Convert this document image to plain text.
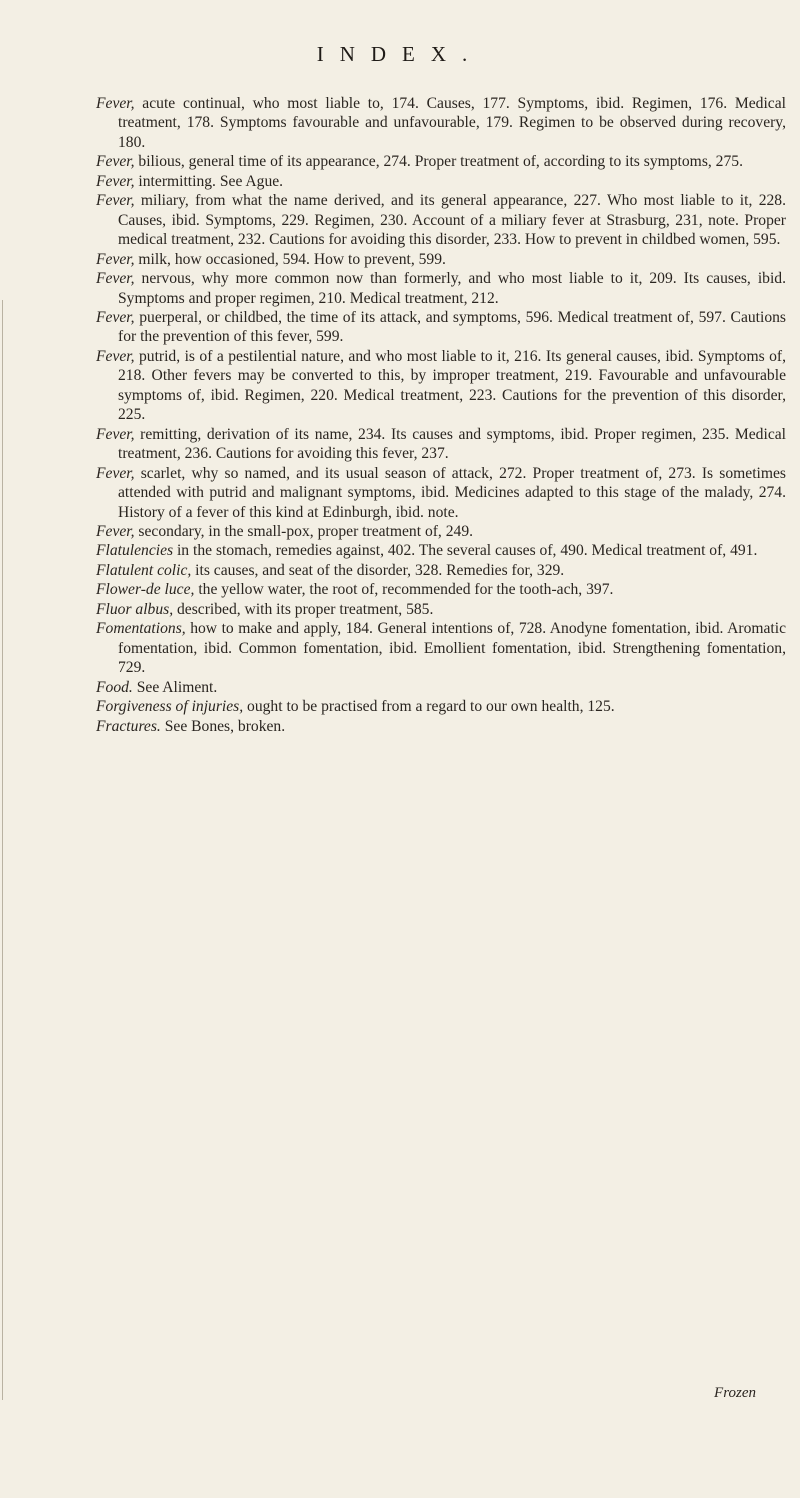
INDEX.

Fever, acute continual, who most liable to, 174. Causes, 177. Symptoms, ibid. Regimen, 176. Medical treatment, 178. Symptoms favourable and unfavourable, 179. Regimen to be observed during recovery, 180.

Fever, bilious, general time of its appearance, 274. Proper treatment of, according to its symptoms, 275.

Fever, intermitting. See Ague.

Fever, miliary, from what the name derived, and its general appearance, 227. Who most liable to it, 228. Causes, ibid. Symptoms, 229. Regimen, 230. Account of a miliary fever at Strasburg, 231, note. Proper medical treatment, 232. Cautions for avoiding this disorder, 233. How to prevent in childbed women, 595.

Fever, milk, how occasioned, 594. How to prevent, 599.

Fever, nervous, why more common now than formerly, and who most liable to it, 209. Its causes, ibid. Symptoms and proper regimen, 210. Medical treatment, 212.

Fever, puerperal, or childbed, the time of its attack, and symptoms, 596. Medical treatment of, 597. Cautions for the prevention of this fever, 599.

Fever, putrid, is of a pestilential nature, and who most liable to it, 216. Its general causes, ibid. Symptoms of, 218. Other fevers may be converted to this, by improper treatment, 219. Favourable and unfavourable symptoms of, ibid. Regimen, 220. Medical treatment, 223. Cautions for the prevention of this disorder, 225.

Fever, remitting, derivation of its name, 234. Its causes and symptoms, ibid. Proper regimen, 235. Medical treatment, 236. Cautions for avoiding this fever, 237.

Fever, scarlet, why so named, and its usual season of attack, 272. Proper treatment of, 273. Is sometimes attended with putrid and malignant symptoms, ibid. Medicines adapted to this stage of the malady, 274. History of a fever of this kind at Edinburgh, ibid. note.

Fever, secondary, in the small-pox, proper treatment of, 249.

Flatulencies in the stomach, remedies against, 402. The several causes of, 490. Medical treatment of, 491.

Flatulent colic, its causes, and seat of the disorder, 328. Remedies for, 329.

Flower-de luce, the yellow water, the root of, recommended for the tooth-ach, 397.

Fluor albus, described, with its proper treatment, 585.

Fomentations, how to make and apply, 184. General intentions of, 728. Anodyne fomentation, ibid. Aromatic fomentation, ibid. Common fomentation, ibid. Emollient fomentation, ibid. Strengthening fomentation, 729.

Food. See Aliment.

Forgiveness of injuries, ought to be practised from a regard to our own health, 125.

Fractures. See Bones, broken.

Frozen
